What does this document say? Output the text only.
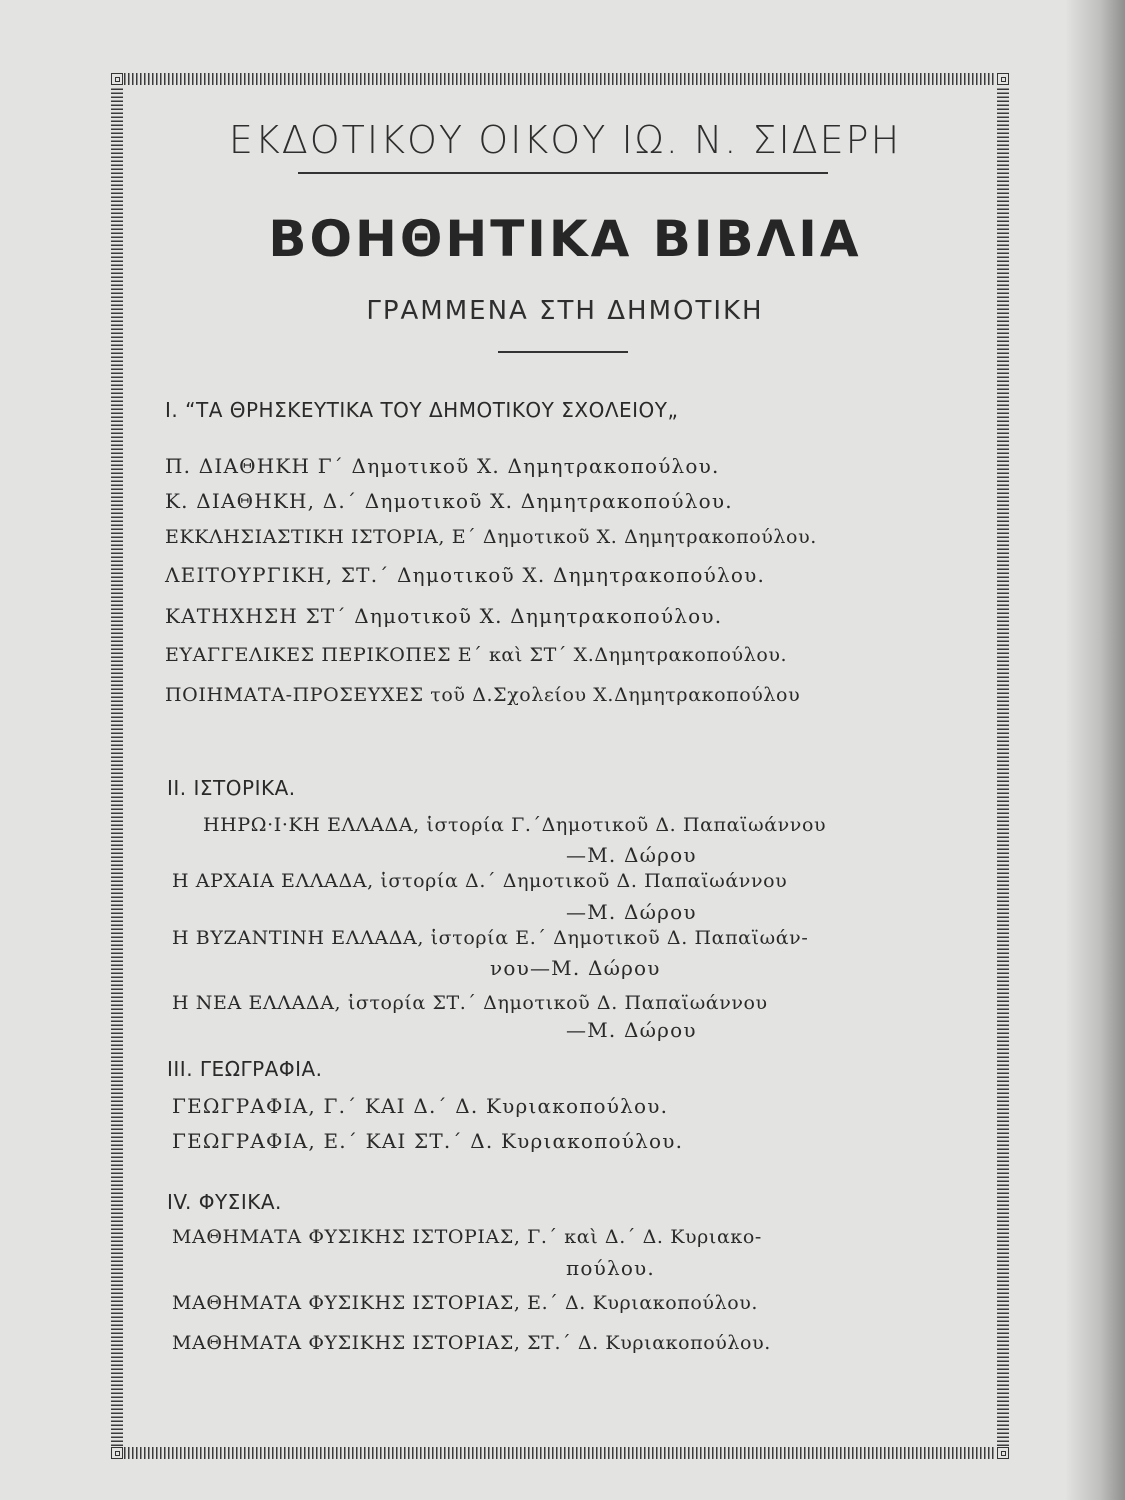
ΕΚΔΟΤΙΚΟΥ ΟΙΚΟΥ ΙΩ. Ν. ΣΙΔΕΡΗ
ΒΟΗΘΗΤΙΚΑ ΒΙΒΛΙΑ
ΓΡΑΜΜΕΝΑ ΣΤΗ ΔΗΜΟΤΙΚΗ
I. “ΤΑ ΘΡΗΣΚΕΥΤΙΚΑ ΤΟΥ ΔΗΜΟΤΙΚΟΥ ΣΧΟΛΕΙΟΥ„
Π. ΔΙΑΘΗΚΗ Γ΄ Δημοτικοῦ Χ. Δημητρακοπούλου.
Κ. ΔΙΑΘΗΚΗ, Δ.΄ Δημοτικοῦ Χ. Δημητρακοπούλου.
ΕΚΚΛΗΣΙΑΣΤΙΚΗ ΙΣΤΟΡΙΑ, Ε΄ Δημοτικοῦ Χ. Δημητρακοπούλου.
ΛΕΙΤΟΥΡΓΙΚΗ, ΣΤ.΄ Δημοτικοῦ Χ. Δημητρακοπούλου.
ΚΑΤΗΧΗΣΗ ΣΤ΄ Δημοτικοῦ Χ. Δημητρακοπούλου.
ΕΥΑΓΓΕΛΙΚΕΣ ΠΕΡΙΚΟΠΕΣ Ε΄ καὶ ΣΤ΄ Χ.Δημητρακοπούλου.
ΠΟΙΗΜΑΤΑ-ΠΡΟΣΕΥΧΕΣ τοῦ Δ.Σχολείου Χ.Δημητρακοπούλου
II. ΙΣΤΟΡΙΚΑ.
ΗΗΡΩ·Ι·ΚΗ ΕΛΛΑΔΑ, ἱστορία Γ.΄Δημοτικοῦ Δ. Παπαϊωάννου
—Μ. Δώρου
Η ΑΡΧΑΙΑ ΕΛΛΑΔΑ, ἱστορία Δ.΄ Δημοτικοῦ Δ. Παπαϊωάννου
—Μ. Δώρου
Η ΒΥΖΑΝΤΙΝΗ ΕΛΛΑΔΑ, ἱστορία Ε.΄ Δημοτικοῦ Δ. Παπαϊωάν-
νου—Μ. Δώρου
Η ΝΕΑ ΕΛΛΑΔΑ, ἱστορία ΣΤ.΄ Δημοτικοῦ Δ. Παπαϊωάννου
—Μ. Δώρου
III. ΓΕΩΓΡΑΦΙΑ.
ΓΕΩΓΡΑΦΙΑ, Γ.΄ ΚΑΙ Δ.΄ Δ. Κυριακοπούλου.
ΓΕΩΓΡΑΦΙΑ, Ε.΄ ΚΑΙ ΣΤ.΄ Δ. Κυριακοπούλου.
IV. ΦΥΣΙΚΑ.
ΜΑΘΗΜΑΤΑ ΦΥΣΙΚΗΣ ΙΣΤΟΡΙΑΣ, Γ.΄ καὶ Δ.΄ Δ. Κυριακο-
πούλου.
ΜΑΘΗΜΑΤΑ ΦΥΣΙΚΗΣ ΙΣΤΟΡΙΑΣ, Ε.΄ Δ. Κυριακοπούλου.
ΜΑΘΗΜΑΤΑ ΦΥΣΙΚΗΣ ΙΣΤΟΡΙΑΣ, ΣΤ.΄ Δ. Κυριακοπούλου.
